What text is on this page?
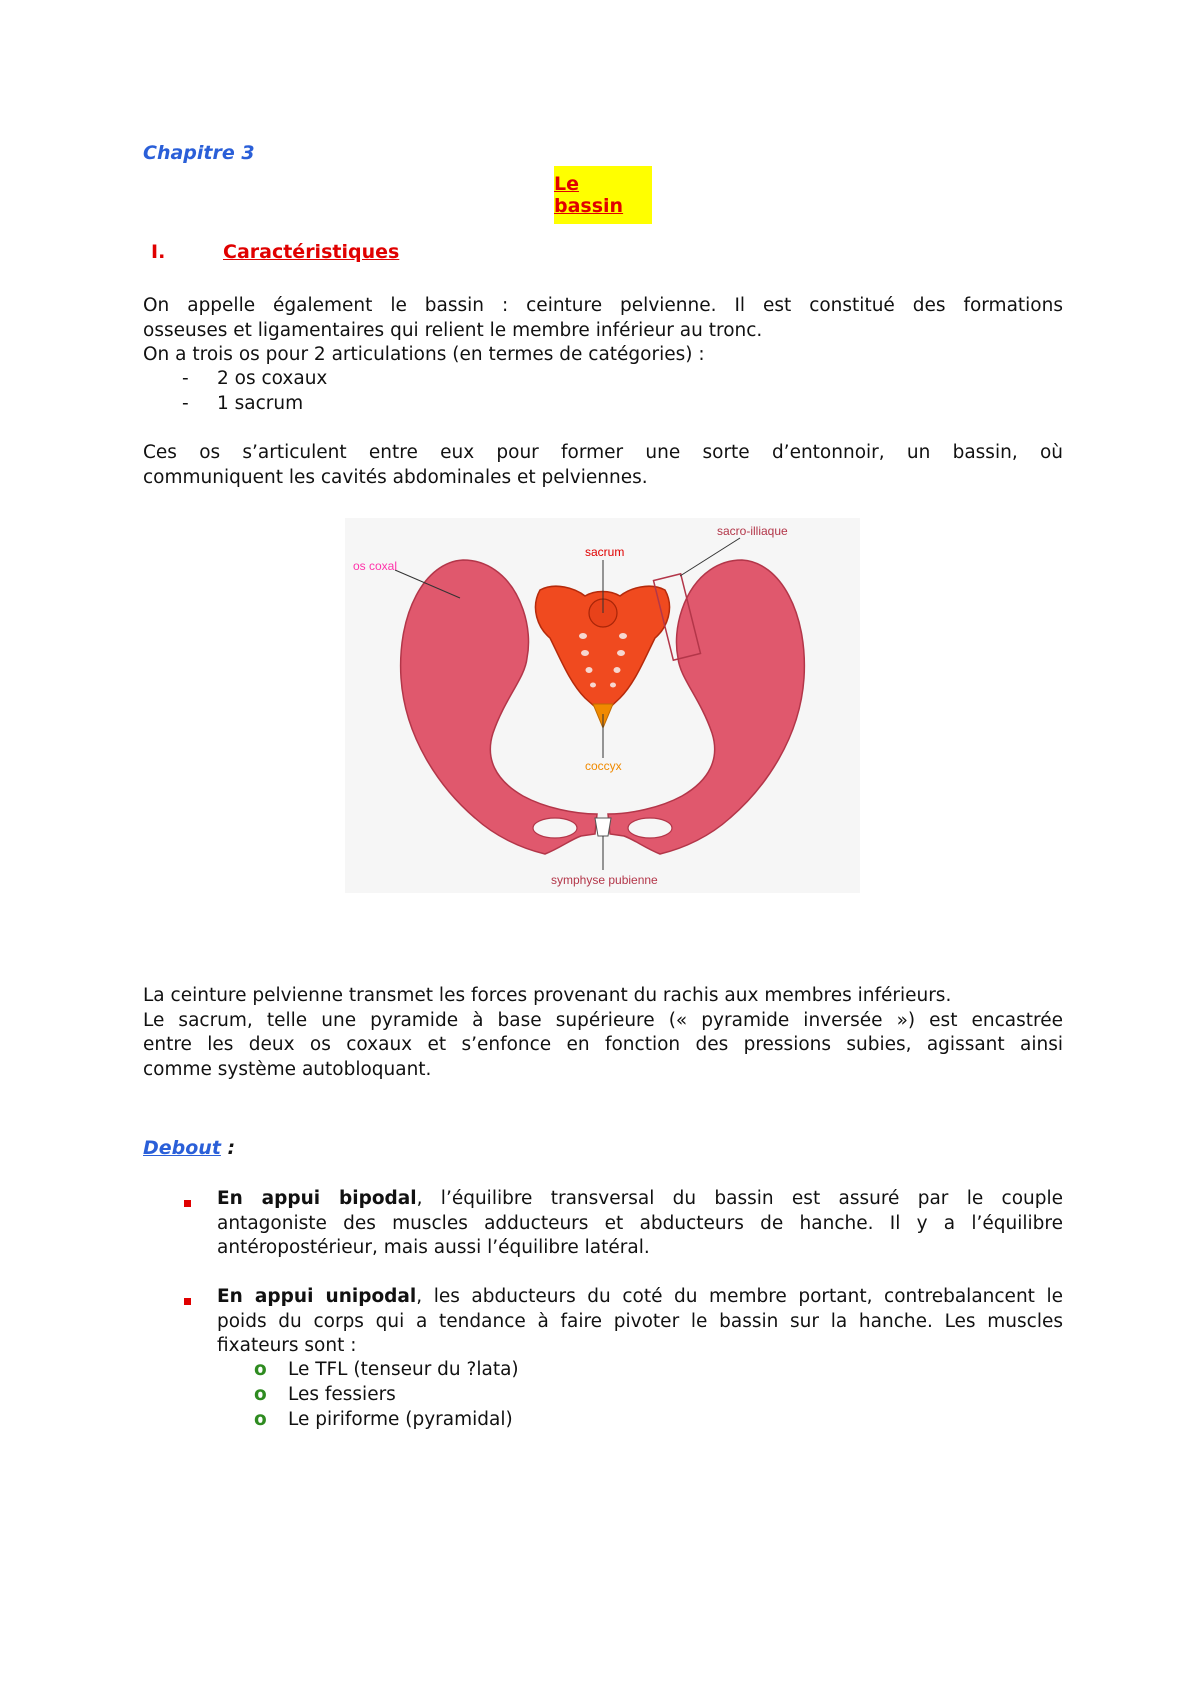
Chapitre 3
Le bassin
I.	Caractéristiques
On appelle également le bassin : ceinture pelvienne. Il est constitué des formations
osseuses et ligamentaires qui relient le membre inférieur au tronc.
On a trois os pour 2 articulations (en termes de catégories) :
- 2 os coxaux
- 1 sacrum
Ces os s’articulent entre eux pour former une sorte d’entonnoir, un bassin, où
communiquent les cavités abdominales et pelviennes.
os coxal
sacrum
sacro-illiaque
coccyx
symphyse pubienne
La ceinture pelvienne transmet les forces provenant du rachis aux membres inférieurs.
Le sacrum, telle une pyramide à base supérieure (« pyramide inversée ») est encastrée
entre les deux os coxaux et s’enfonce en fonction des pressions subies, agissant ainsi
comme système autobloquant.
Debout :
En appui bipodal, l’équilibre transversal du bassin est assuré par le couple
antagoniste des muscles adducteurs et abducteurs de hanche. Il y a l’équilibre
antéropostérieur, mais aussi l’équilibre latéral.
En appui unipodal, les abducteurs du coté du membre portant, contrebalancent le
poids du corps qui a tendance à faire pivoter le bassin sur la hanche. Les muscles
fixateurs sont :
o Le TFL (tenseur du ?lata)
o Les fessiers
o Le piriforme (pyramidal)
